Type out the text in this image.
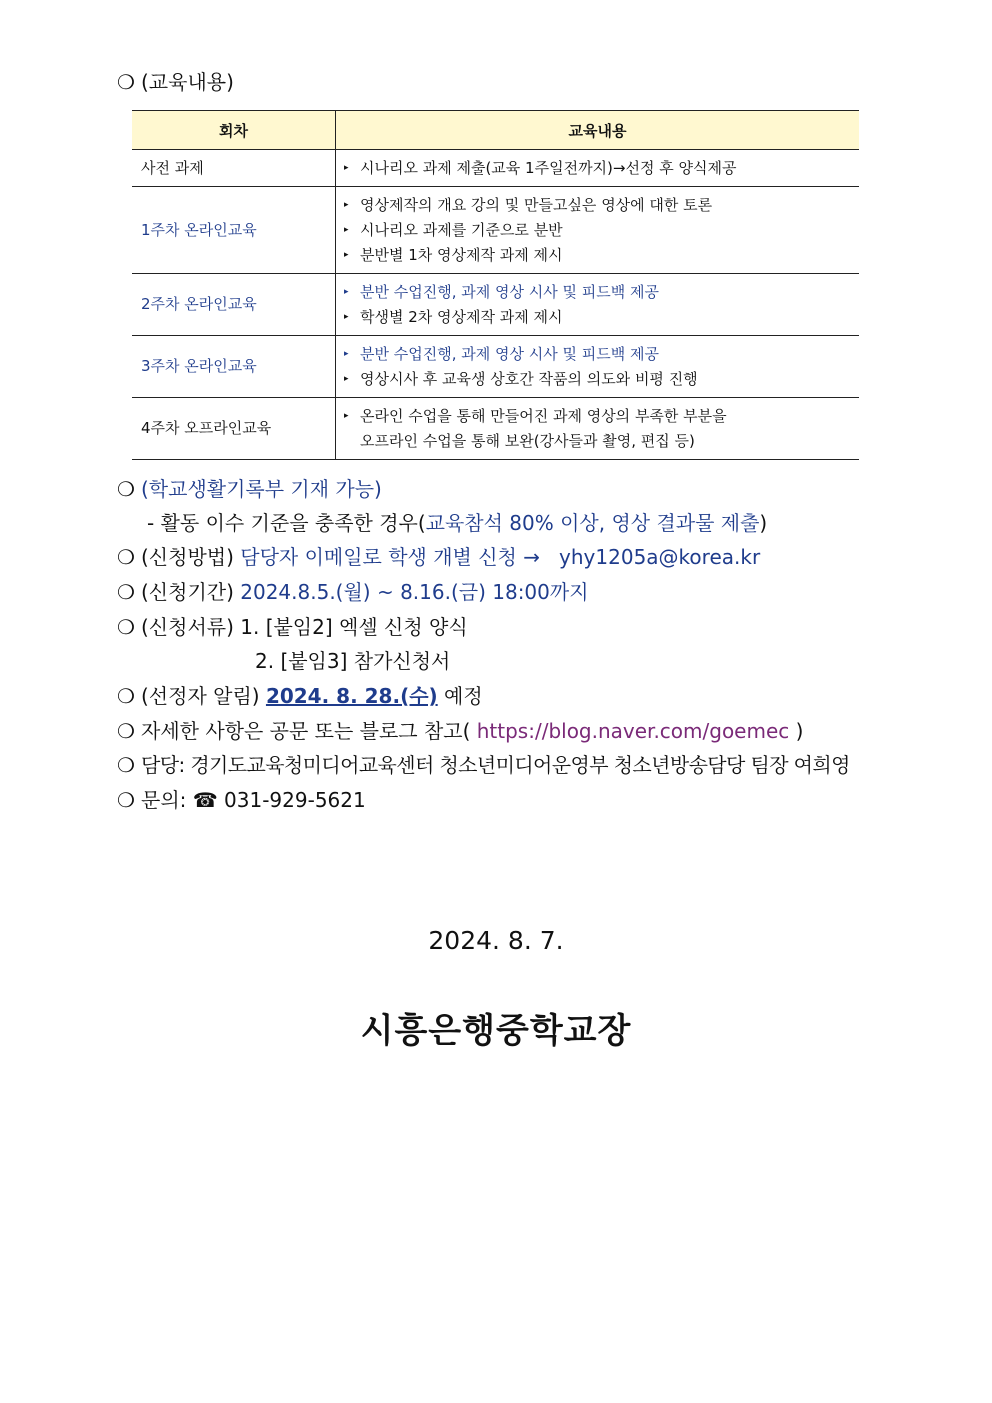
❍ (교육내용)
회차	교육내용
사전 과제	▸ 시나리오 과제 제출(교육 1주일전까지)→선정 후 양식제공

1주차 온라인교육	▸ 영상제작의 개요 강의 및 만들고싶은 영상에 대한 토론
▸ 시나리오 과제를 기준으로 분반
▸ 분반별 1차 영상제작 과제 제시

2주차 온라인교육	▸ 분반 수업진행, 과제 영상 시사 및 피드백 제공
▸ 학생별 2차 영상제작 과제 제시

3주차 온라인교육	▸ 분반 수업진행, 과제 영상 시사 및 피드백 제공
▸ 영상시사 후 교육생 상호간 작품의 의도와 비평 진행

4주차 오프라인교육	▸ 온라인 수업을 통해 만들어진 과제 영상의 부족한 부분을
오프라인 수업을 통해 보완(강사들과 촬영, 편집 등)
❍ (학교생활기록부 기재 가능)
- 활동 이수 기준을 충족한 경우(교육참석 80% 이상, 영상 결과물 제출)
❍ (신청방법) 담당자 이메일로 학생 개별 신청 → yhy1205a@korea.kr
❍ (신청기간) 2024.8.5.(월) ~ 8.16.(금) 18:00까지
❍ (신청서류) 1. [붙임2] 엑셀 신청 양식
2. [붙임3] 참가신청서
❍ (선정자 알림) 2024. 8. 28.(수) 예정
❍ 자세한 사항은 공문 또는 블로그 참고( https://blog.naver.com/goemec )
❍ 담당: 경기도교육청미디어교육센터 청소년미디어운영부 청소년방송담당 팀장 여희영
❍ 문의: ☎ 031-929-5621
2024. 8. 7.
시흥은행중학교장
